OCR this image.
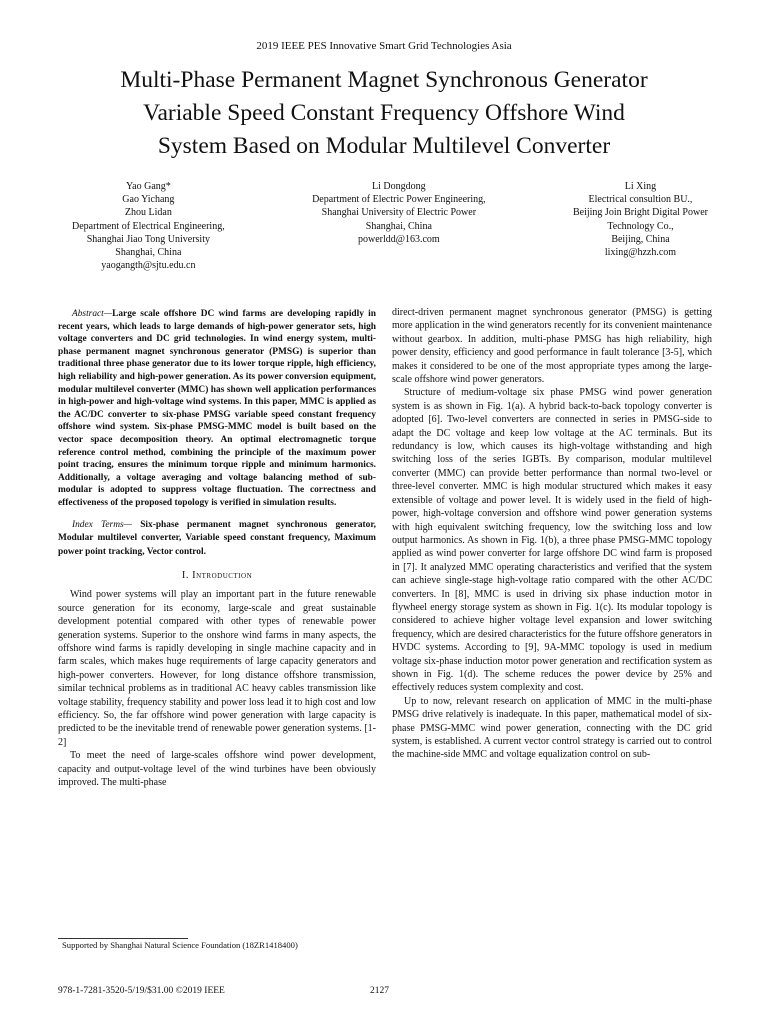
2019 IEEE PES Innovative Smart Grid Technologies Asia
Multi-Phase Permanent Magnet Synchronous Generator
Variable Speed Constant Frequency Offshore Wind
System Based on Modular Multilevel Converter
Yao Gang*
Gao Yichang
Zhou Lidan
Department of Electrical Engineering,
Shanghai Jiao Tong University
Shanghai, China
yaogangth@sjtu.edu.cn
Li Dongdong
Department of Electric Power Engineering,
Shanghai University of Electric Power
Shanghai, China
powerldd@163.com
Li Xing
Electrical consultion BU.,
Beijing Join Bright Digital Power
Technology Co.,
Beijing, China
lixing@hzzh.com

Abstract—Large scale offshore DC wind farms are developing rapidly in recent years, which leads to large demands of high-power generator sets, high voltage converters and DC grid technologies. In wind energy system, multi-phase permanent magnet synchronous generator (PMSG) is superior than traditional three phase generator due to its lower torque ripple, high efficiency, high reliability and high-power generation. As its power conversion equipment, modular multilevel converter (MMC) has shown well application performances in high-power and high-voltage wind systems. In this paper, MMC is applied as the AC/DC converter to six-phase PMSG variable speed constant frequency offshore wind system. Six-phase PMSG-MMC model is built based on the vector space decomposition theory. An optimal electromagnetic torque reference control method, combining the principle of the maximum power point tracing, ensures the minimum torque ripple and minimum harmonics. Additionally, a voltage averaging and voltage balancing method of sub-modular is adopted to suppress voltage fluctuation. The correctness and effectiveness of the proposed topology is verified in simulation results.

Index Terms— Six-phase permanent magnet synchronous generator, Modular multilevel converter, Variable speed constant frequency, Maximum power point tracking, Vector control.

I. Introduction

Wind power systems will play an important part in the future renewable source generation for its economy, large-scale and great sustainable development potential compared with other types of renewable power generation systems. Superior to the onshore wind farms in many aspects, the offshore wind farms is rapidly developing in single machine capacity and in farm scales, which makes huge requirements of large capacity generators and high-power converters. However, for long distance offshore transmission, similar technical problems as in traditional AC heavy cables transmission like voltage stability, frequency stability and power loss lead it to high cost and low efficiency. So, the far offshore wind power generation with large capacity is predicted to be the inevitable trend of renewable power generation systems. [1-2]

To meet the need of large-scales offshore wind power development, capacity and output-voltage level of the wind turbines have been obviously improved. The multi-phase

direct-driven permanent magnet synchronous generator (PMSG) is getting more application in the wind generators recently for its convenient maintenance without gearbox. In addition, multi-phase PMSG has high reliability, high power density, efficiency and good performance in fault tolerance [3-5], which makes it considered to be one of the most appropriate types among the large-scale offshore wind power generators.

Structure of medium-voltage six phase PMSG wind power generation system is as shown in Fig. 1(a). A hybrid back-to-back topology converter is adopted [6]. Two-level converters are connected in series in PMSG-side to adapt the DC voltage and keep low voltage at the AC terminals. But its redundancy is low, which causes its high-voltage withstanding and high switching loss of the series IGBTs. By comparison, modular multilevel converter (MMC) can provide better performance than normal two-level or three-level converter. MMC is high modular structured which makes it easy extensible of voltage and power level. It is widely used in the field of high-power, high-voltage conversion and offshore wind power generation systems with high equivalent switching frequency, low the switching loss and low output harmonics. As shown in Fig. 1(b), a three phase PMSG-MMC topology applied as wind power converter for large offshore DC wind farm is proposed in [7]. It analyzed MMC operating characteristics and verified that the system can achieve single-stage high-voltage ratio compared with the other AC/DC converters. In [8], MMC is used in driving six phase induction motor in flywheel energy storage system as shown in Fig. 1(c). Its modular topology is considered to achieve higher voltage level expansion and lower switching frequency, which are desired characteristics for the future offshore generators in HVDC systems. According to [9], 9A-MMC topology is used in medium voltage six-phase induction motor power generation and rectification system as shown in Fig. 1(d). The scheme reduces the power device by 25% and effectively reduces system complexity and cost.

Up to now, relevant research on application of MMC in the multi-phase PMSG drive relatively is inadequate. In this paper, mathematical model of six-phase PMSG-MMC wind power generation, connecting with the DC grid system, is established. A current vector control strategy is carried out to control the machine-side MMC and voltage equalization control on sub-

Supported by Shanghai Natural Science Foundation (18ZR1418400)
978-1-7281-3520-5/19/$31.00 ©2019 IEEE	2127
